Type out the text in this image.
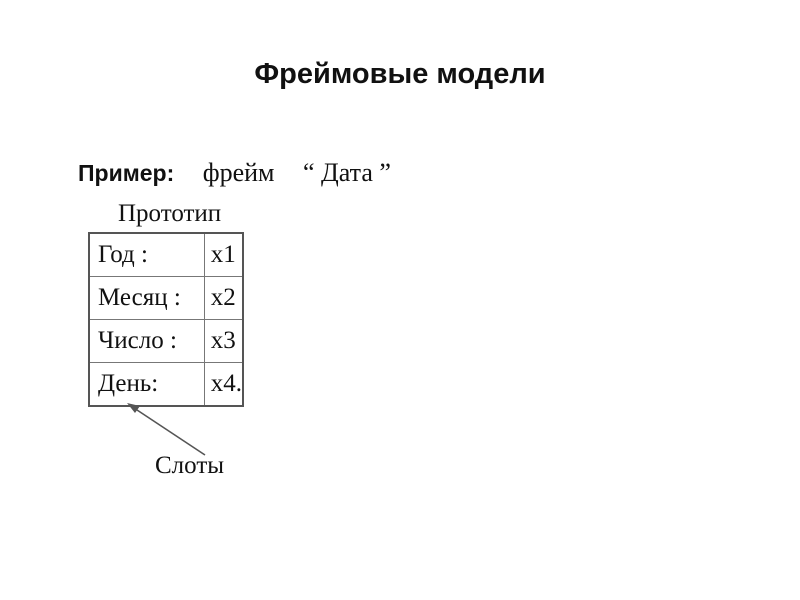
Фреймовые модели
Пример: фрейм “ Дата ”
Прототип
Год :	x1
Месяц :	x2
Число :	x3
День:	x4.
Слоты
